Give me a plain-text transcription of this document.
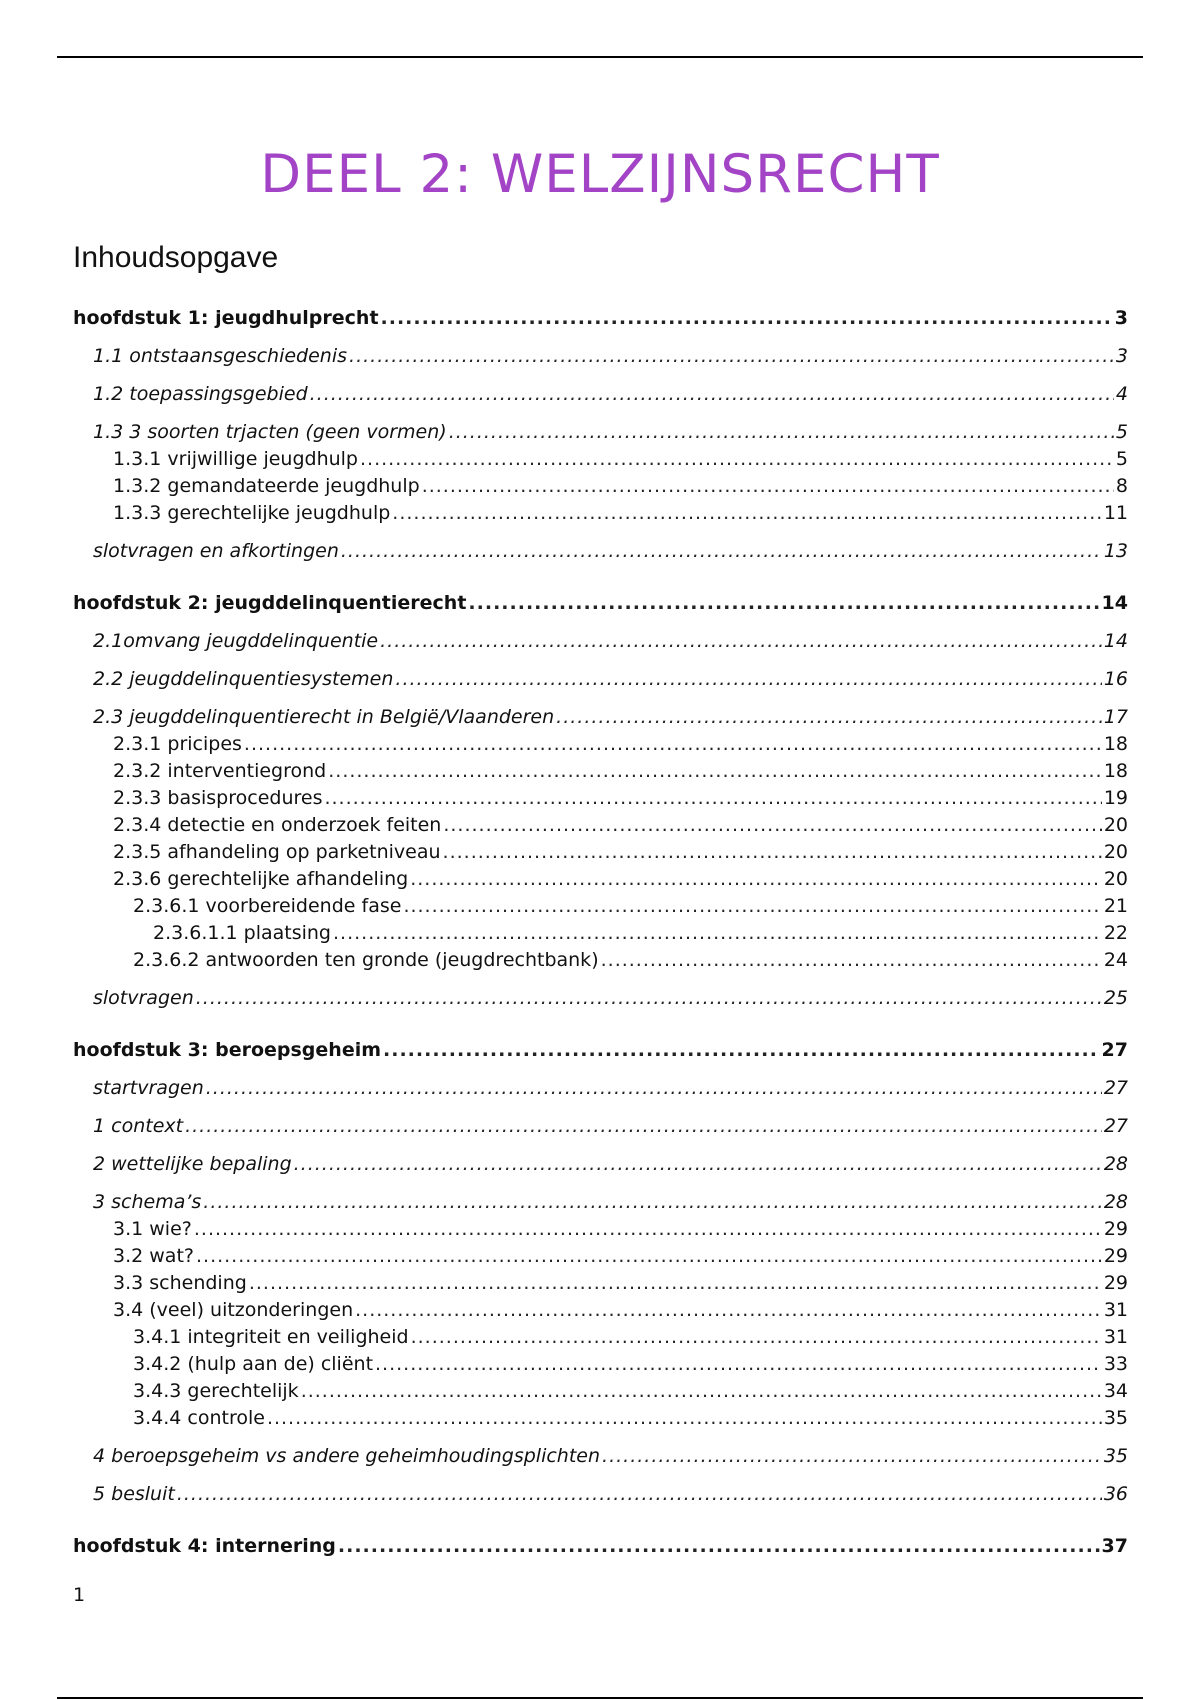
DEEL 2: WELZIJNSRECHT
Inhoudsopgave
hoofdstuk 1: jeugdhulprecht .....	3
1.1 ontstaansgeschiedenis .....	3
1.2 toepassingsgebied .....	4
1.3 3 soorten trjacten (geen vormen) .....	5
1.3.1 vrijwillige jeugdhulp .....	5
1.3.2 gemandateerde jeugdhulp .....	8
1.3.3 gerechtelijke jeugdhulp .....	11
slotvragen en afkortingen .....	13
hoofdstuk 2: jeugddelinquentierecht .....	14
2.1omvang jeugddelinquentie .....	14
2.2 jeugddelinquentiesystemen .....	16
2.3 jeugddelinquentierecht in België/Vlaanderen .....	17
2.3.1 pricipes .....	18
2.3.2 interventiegrond .....	18
2.3.3 basisprocedures .....	19
2.3.4 detectie en onderzoek feiten .....	20
2.3.5 afhandeling op parketniveau .....	20
2.3.6 gerechtelijke afhandeling .....	20
2.3.6.1 voorbereidende fase .....	21
2.3.6.1.1 plaatsing .....	22
2.3.6.2 antwoorden ten gronde (jeugdrechtbank) .....	24
slotvragen .....	25
hoofdstuk 3: beroepsgeheim .....	27
startvragen .....	27
1 context .....	27
2 wettelijke bepaling .....	28
3 schema’s .....	28
3.1 wie? .....	29
3.2 wat? .....	29
3.3 schending .....	29
3.4 (veel) uitzonderingen .....	31
3.4.1 integriteit en veiligheid .....	31
3.4.2 (hulp aan de) cliënt .....	33
3.4.3 gerechtelijk .....	34
3.4.4 controle .....	35
4 beroepsgeheim vs andere geheimhoudingsplichten .....	35
5 besluit .....	36
hoofdstuk 4: internering .....	37
1
